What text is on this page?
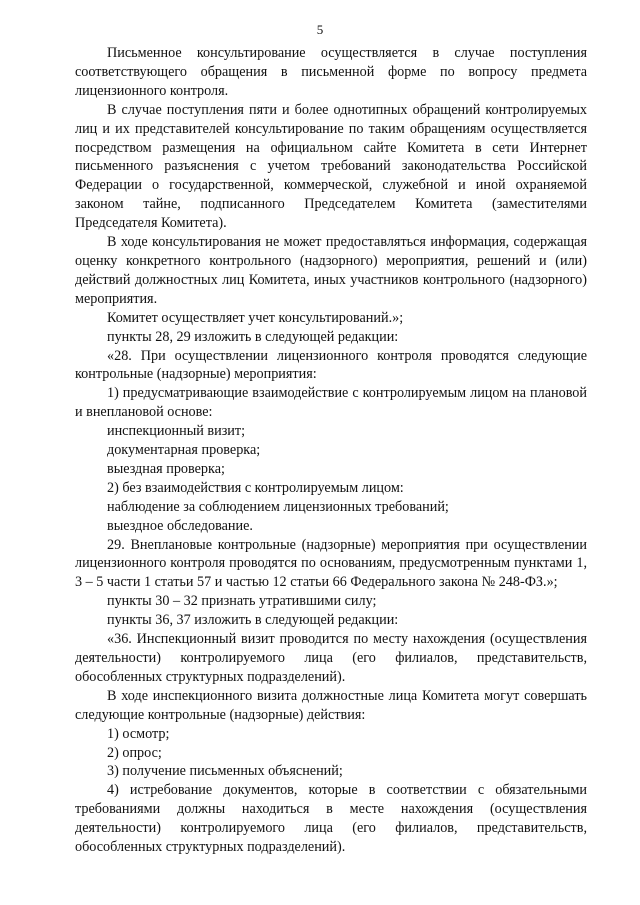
5

Письменное консультирование осуществляется в случае поступления соответствующего обращения в письменной форме по вопросу предмета лицензионного контроля.

В случае поступления пяти и более однотипных обращений контролируемых лиц и их представителей консультирование по таким обращениям осуществляется посредством размещения на официальном сайте Комитета в сети Интернет письменного разъяснения с учетом требований законодательства Российской Федерации о государственной, коммерческой, служебной и иной охраняемой законом тайне, подписанного Председателем Комитета (заместителями Председателя Комитета).

В ходе консультирования не может предоставляться информация, содержащая оценку конкретного контрольного (надзорного) мероприятия, решений и (или) действий должностных лиц Комитета, иных участников контрольного (надзорного) мероприятия.

Комитет осуществляет учет консультирований.»;

пункты 28, 29 изложить в следующей редакции:

«28. При осуществлении лицензионного контроля проводятся следующие контрольные (надзорные) мероприятия:

1) предусматривающие взаимодействие с контролируемым лицом на плановой и внеплановой основе:

инспекционный визит;

документарная проверка;

выездная проверка;

2) без взаимодействия с контролируемым лицом:

наблюдение за соблюдением лицензионных требований;

выездное обследование.

29. Внеплановые контрольные (надзорные) мероприятия при осуществлении лицензионного контроля проводятся по основаниям, предусмотренным пунктами 1, 3 – 5 части 1 статьи 57 и частью 12 статьи 66 Федерального закона № 248-ФЗ.»;

пункты 30 – 32 признать утратившими силу;

пункты 36, 37 изложить в следующей редакции:

«36. Инспекционный визит проводится по месту нахождения (осуществления деятельности) контролируемого лица (его филиалов, представительств, обособленных структурных подразделений).

В ходе инспекционного визита должностные лица Комитета могут совершать следующие контрольные (надзорные) действия:

1) осмотр;

2) опрос;

3) получение письменных объяснений;

4) истребование документов, которые в соответствии с обязательными требованиями должны находиться в месте нахождения (осуществления деятельности) контролируемого лица (его филиалов, представительств, обособленных структурных подразделений).
